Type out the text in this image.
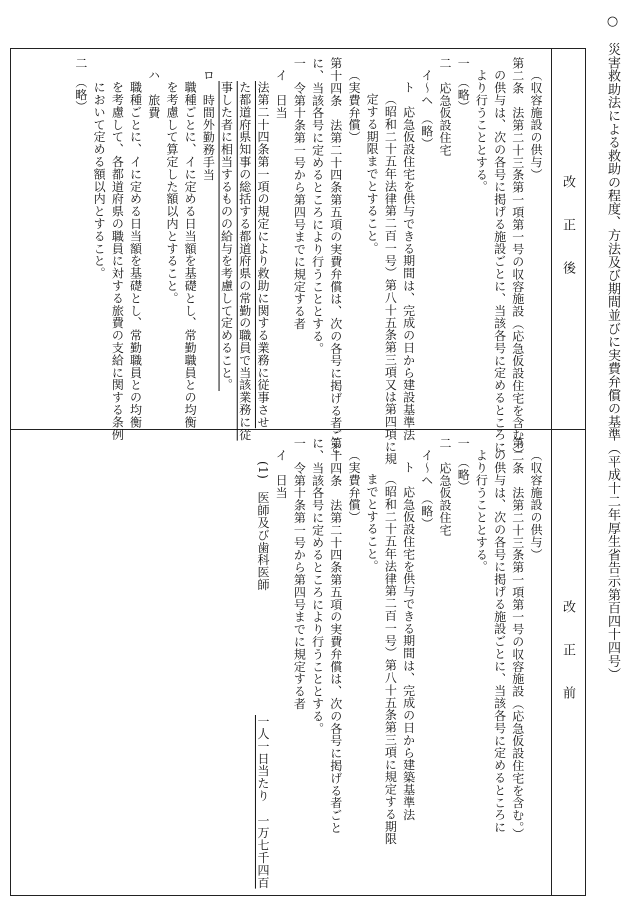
○　災害救助法による救助の程度、方法及び期間並びに実費弁償の基準（平成十二年厚生省告示第百四十四号）
改正後
改正前
（収容施設の供与）
第二条　法第二十三条第一項第一号の収容施設（応急仮設住宅を含む。）
の供与は、次の各号に掲げる施設ごとに、当該各号に定めるところに
より行うこととする。
一　（略）
二　応急仮設住宅
イ〜ヘ　（略）
ト　応急仮設住宅を供与できる期間は、完成の日から建設基準法
（昭和二十五年法律第二百一号）第八十五条第三項又は第四項に規
定する期限までとすること。
（実費弁償）
第十四条　法第二十四条第五項の実費弁償は、次の各号に掲げる者ごと
に、当該各号に定めるところにより行うこととする。
一　令第十条第一号から第四号までに規定する者
イ　日当
法第二十四条第一項の規定により救助に関する業務に従事させ
た都道府県知事の総括する都道府県の常勤の職員で当該業務に従
事した者に相当するものの給与を考慮して定めること。
ロ　時間外勤務手当
職種ごとに、イに定める日当額を基礎とし、常勤職員との均衡
を考慮して算定した額以内とすること。
ハ　旅費
職種ごとに、イに定める日当額を基礎とし、常勤職員との均衡
を考慮して、各都道府県の職員に対する旅費の支給に関する条例
において定める額以内とすること。
二　（略）
（収容施設の供与）
第二条　法第二十三条第一項第一号の収容施設（応急仮設住宅を含む。）
の供与は、次の各号に掲げる施設ごとに、当該各号に定めるところに
より行うこととする。
一　（略）
二　応急仮設住宅
イ〜ヘ　（略）
ト　応急仮設住宅を供与できる期間は、完成の日から建築基準法
（昭和二十五年法律第二百一号）第八十五条第三項に規定する期限
までとすること。
（実費弁償）
第十四条　法第二十四条第五項の実費弁償は、次の各号に掲げる者ごと
に、当該各号に定めるところにより行うこととする。
一　令第十条第一号から第四号までに規定する者
イ　日当
(1)　医師及び歯科医師
一人一日当たり　一万七千四百
